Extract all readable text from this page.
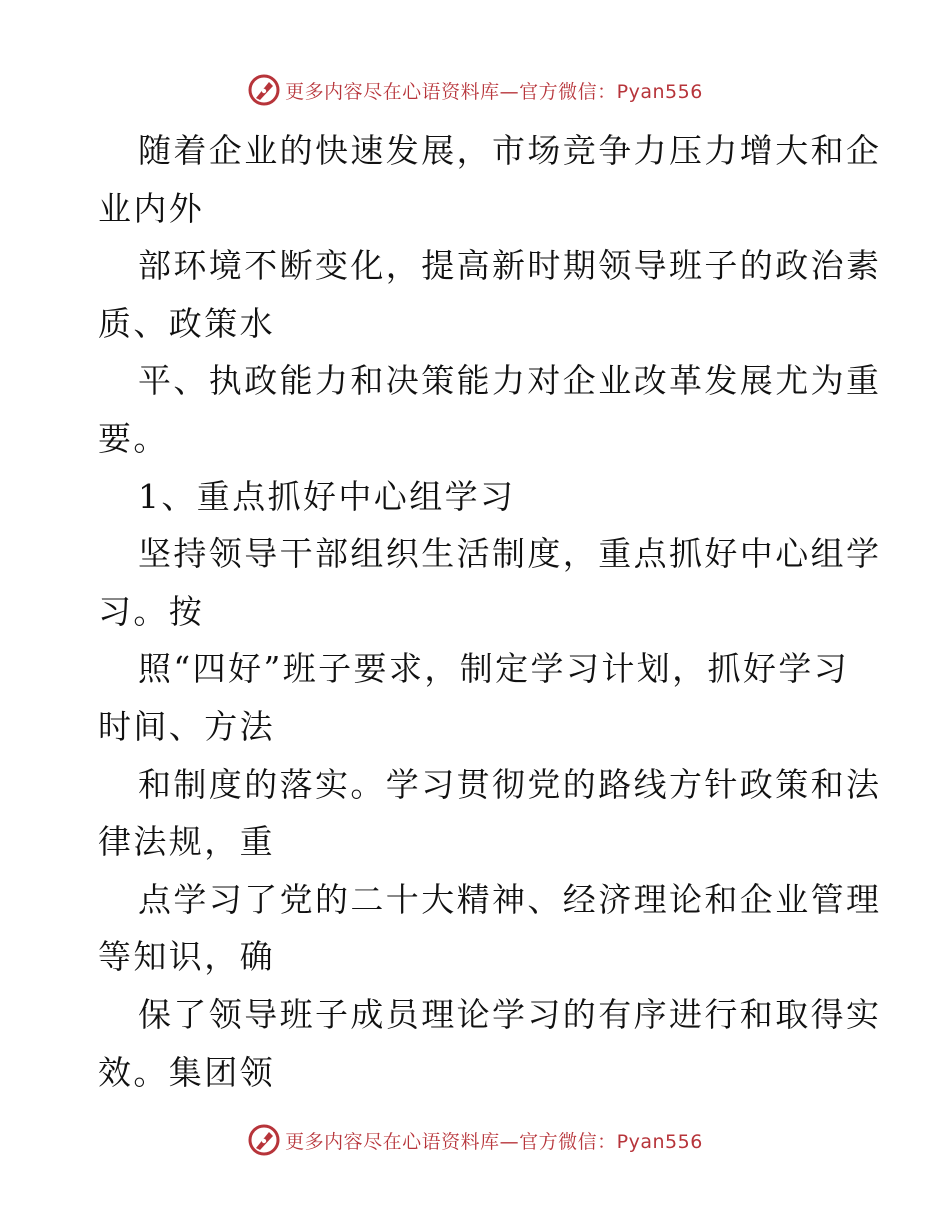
更多内容尽在心语资料库—官方微信：Pyan556
随着企业的快速发展，市场竞争力压力增大和企
业内外
部环境不断变化，提高新时期领导班子的政治素
质、政策水
平、执政能力和决策能力对企业改革发展尤为重
要。
1、重点抓好中心组学习
坚持领导干部组织生活制度，重点抓好中心组学
习。按
照“四好”班子要求，制定学习计划，抓好学习
时间、方法
和制度的落实。学习贯彻党的路线方针政策和法
律法规，重
点学习了党的二十大精神、经济理论和企业管理
等知识，确
保了领导班子成员理论学习的有序进行和取得实
效。集团领
更多内容尽在心语资料库—官方微信：Pyan556
